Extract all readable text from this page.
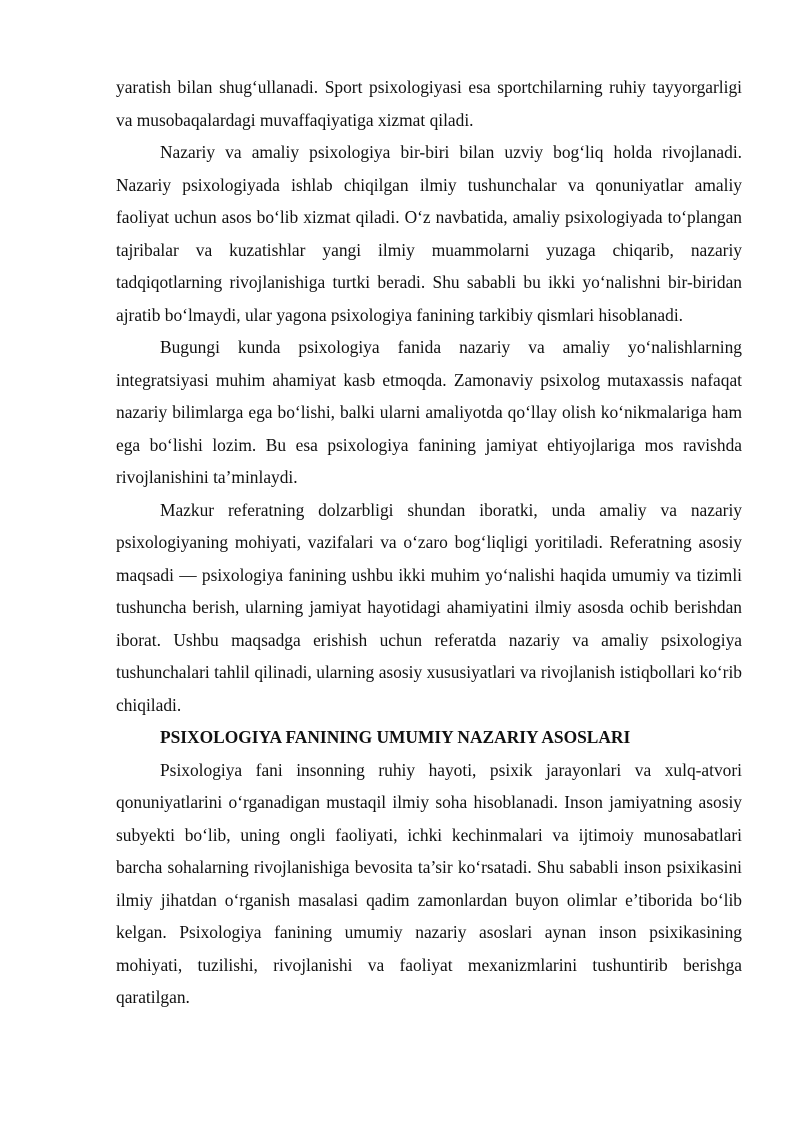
yaratish bilan shug‘ullanadi. Sport psixologiyasi esa sportchilarning ruhiy tayyorgarligi va musobaqalardagi muvaffaqiyatiga xizmat qiladi.

Nazariy va amaliy psixologiya bir-biri bilan uzviy bog‘liq holda rivojlanadi. Nazariy psixologiyada ishlab chiqilgan ilmiy tushunchalar va qonuniyatlar amaliy faoliyat uchun asos bo‘lib xizmat qiladi. O‘z navbatida, amaliy psixologiyada to‘plangan tajribalar va kuzatishlar yangi ilmiy muammolarni yuzaga chiqarib, nazariy tadqiqotlarning rivojlanishiga turtki beradi. Shu sababli bu ikki yo‘nalishni bir-biridan ajratib bo‘lmaydi, ular yagona psixologiya fanining tarkibiy qismlari hisoblanadi.

Bugungi kunda psixologiya fanida nazariy va amaliy yo‘nalishlarning integratsiyasi muhim ahamiyat kasb etmoqda. Zamonaviy psixolog mutaxassis nafaqat nazariy bilimlarga ega bo‘lishi, balki ularni amaliyotda qo‘llay olish ko‘nikmalariga ham ega bo‘lishi lozim. Bu esa psixologiya fanining jamiyat ehtiyojlariga mos ravishda rivojlanishini ta’minlaydi.

Mazkur referatning dolzarbligi shundan iboratki, unda amaliy va nazariy psixologiyaning mohiyati, vazifalari va o‘zaro bog‘liqligi yoritiladi. Referatning asosiy maqsadi — psixologiya fanining ushbu ikki muhim yo‘nalishi haqida umumiy va tizimli tushuncha berish, ularning jamiyat hayotidagi ahamiyatini ilmiy asosda ochib berishdan iborat. Ushbu maqsadga erishish uchun referatda nazariy va amaliy psixologiya tushunchalari tahlil qilinadi, ularning asosiy xususiyatlari va rivojlanish istiqbollari ko‘rib chiqiladi.

PSIXOLOGIYA FANINING UMUMIY NAZARIY ASOSLARI

Psixologiya fani insonning ruhiy hayoti, psixik jarayonlari va xulq-atvori qonuniyatlarini o‘rganadigan mustaqil ilmiy soha hisoblanadi. Inson jamiyatning asosiy subyekti bo‘lib, uning ongli faoliyati, ichki kechinmalari va ijtimoiy munosabatlari barcha sohalarning rivojlanishiga bevosita ta’sir ko‘rsatadi. Shu sababli inson psixikasini ilmiy jihatdan o‘rganish masalasi qadim zamonlardan buyon olimlar e’tiborida bo‘lib kelgan. Psixologiya fanining umumiy nazariy asoslari aynan inson psixikasining mohiyati, tuzilishi, rivojlanishi va faoliyat mexanizmlarini tushuntirib berishga qaratilgan.
